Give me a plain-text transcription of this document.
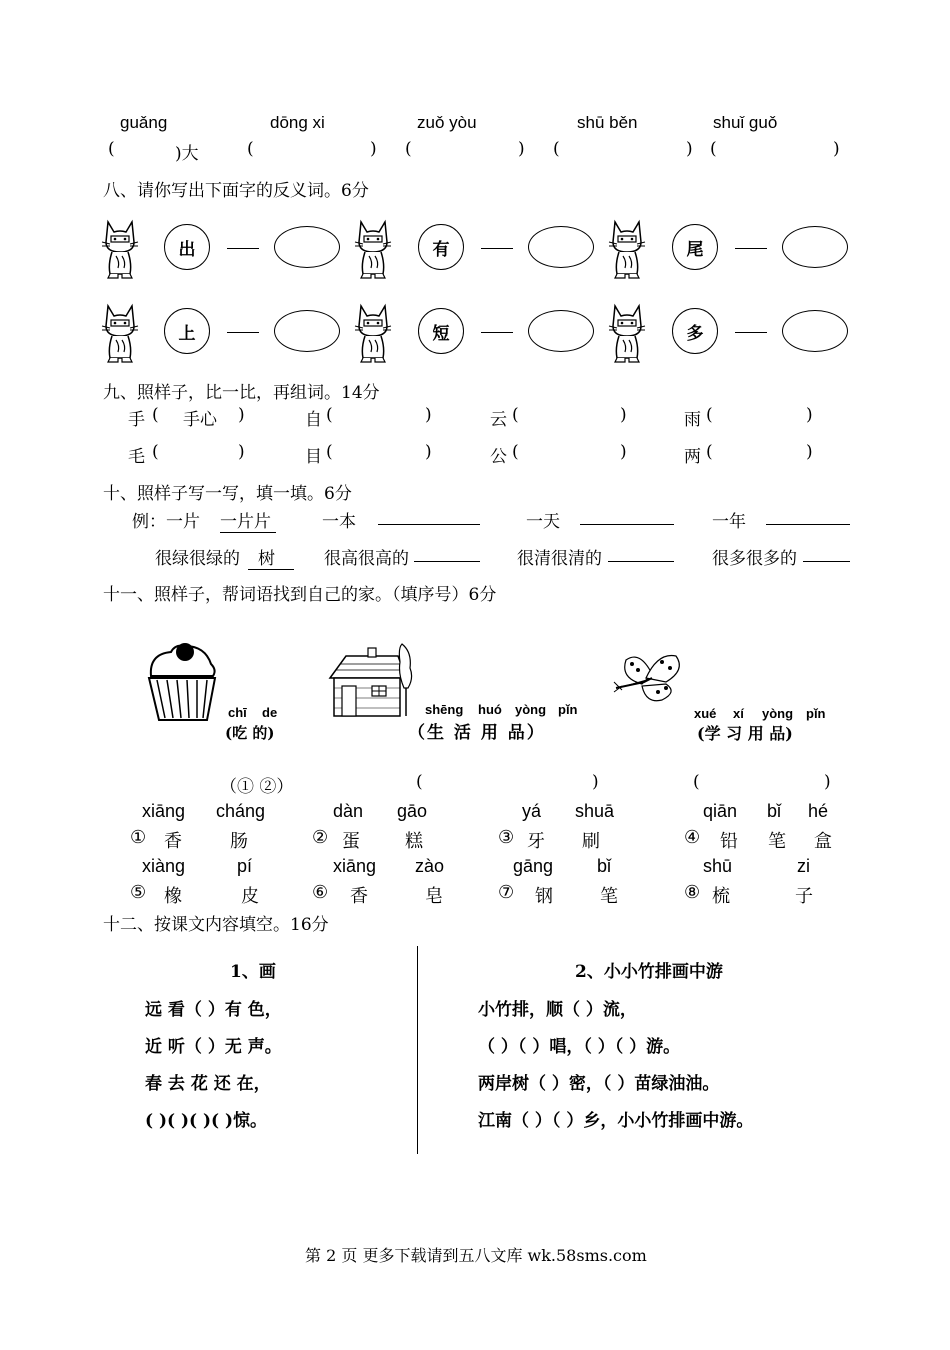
guǎng	dōng xi	zuǒ yòu	shū běn	shuǐ guǒ
(	)大	(	) (	) (	) (	)
八、请你写出下面字的反义词。6分
出	有	尾
上	短	多
九、照样子，比一比，再组词。14分
手 ( 手心 )	自 (	)	云 (	)	雨 (	)
毛 (	)	目 (	)	公 (	)	两 (	)
十、照样子写一写，填一填。6分
例：一片 一片片	一本	一天	一年
很绿很绿的	树	很高很高的	很清很清的	很多很多的
十一、照样子，帮词语找到自己的家。（填序号）6分
chī de
(吃 的)
shēng huó yòng pǐn
（生 活 用 品）
xué xí yòng pǐn
(学 习 用 品)
（① ②）	(	)	(	)
xiāng cháng	dàn gāo	yá shuā	qiān bǐ hé
① 香	肠	② 蛋	糕	③ 牙 刷	④ 铅 笔 盒
xiàng	pí	xiāng zào	gāng bǐ	shū	zi
⑤ 橡	皮	⑥ 香	皂	⑦ 钢	笔	⑧ 梳	子
十二、按课文内容填空。16分
1、画
远 看（ ）有 色，
近 听（ ）无 声。
春 去 花 还 在，
( )( )( )( )惊。
2、小小竹排画中游
小竹排，顺（ ）流，
（ ）（ ）唱，（ ）（ ）游。
两岸树（ ）密，（ ）苗绿油油。
江南（ ）（ ）乡，小小竹排画中游。
第 2 页 更多下载请到五八文库 wk.58sms.com
